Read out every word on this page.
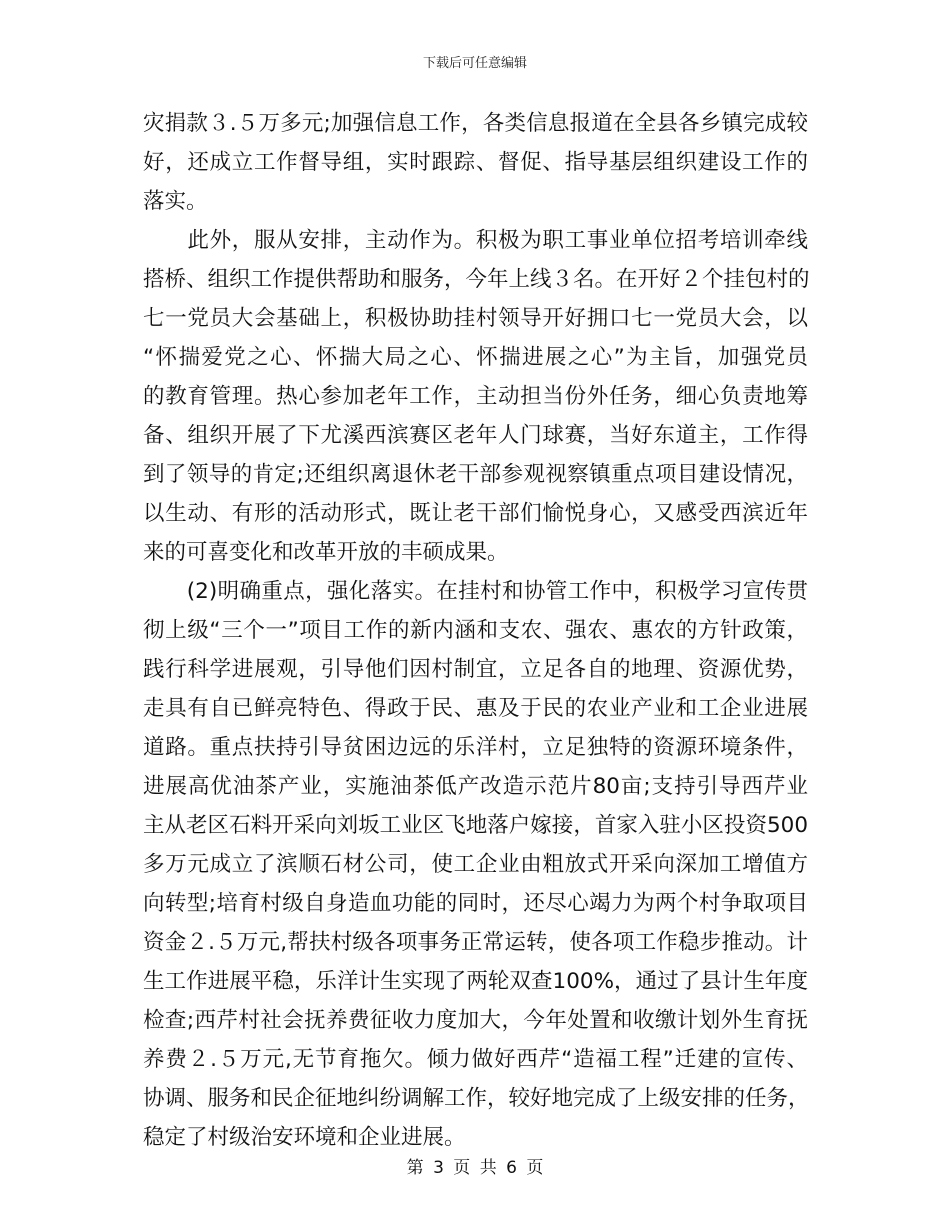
下载后可任意编辑
灾捐款３.５万多元;加强信息工作，各类信息报道在全县各乡镇完成较
好，还成立工作督导组，实时跟踪、督促、指导基层组织建设工作的
落实。
　　此外，服从安排，主动作为。积极为职工事业单位招考培训牵线
搭桥、组织工作提供帮助和服务，今年上线３名。在开好２个挂包村的
七一党员大会基础上，积极协助挂村领导开好拥口七一党员大会，以
“怀揣爱党之心、怀揣大局之心、怀揣进展之心”为主旨，加强党员
的教育管理。热心参加老年工作，主动担当份外任务，细心负责地筹
备、组织开展了下尤溪西滨赛区老年人门球赛，当好东道主，工作得
到了领导的肯定;还组织离退休老干部参观视察镇重点项目建设情况，
以生动、有形的活动形式，既让老干部们愉悦身心，又感受西滨近年
来的可喜变化和改革开放的丰硕成果。
　　(2)明确重点，强化落实。在挂村和协管工作中，积极学习宣传贯
彻上级“三个一”项目工作的新内涵和支农、强农、惠农的方针政策，
践行科学进展观，引导他们因村制宜，立足各自的地理、资源优势，
走具有自已鲜亮特色、得政于民、惠及于民的农业产业和工企业进展
道路。重点扶持引导贫困边远的乐洋村，立足独特的资源环境条件，
进展高优油茶产业，实施油茶低产改造示范片80亩;支持引导西芹业
主从老区石料开采向刘坂工业区飞地落户嫁接，首家入驻小区投资500
多万元成立了滨顺石材公司，使工企业由粗放式开采向深加工增值方
向转型;培育村级自身造血功能的同时，还尽心竭力为两个村争取项目
资金２.５万元,帮扶村级各项事务正常运转，使各项工作稳步推动。计
生工作进展平稳，乐洋计生实现了两轮双查100%，通过了县计生年度
检查;西芹村社会抚养费征收力度加大，今年处置和收缴计划外生育抚
养费２.５万元,无节育拖欠。倾力做好西芹“造福工程”迁建的宣传、
协调、服务和民企征地纠纷调解工作，较好地完成了上级安排的任务，
稳定了村级治安环境和企业进展。
第 3 页 共 6 页
